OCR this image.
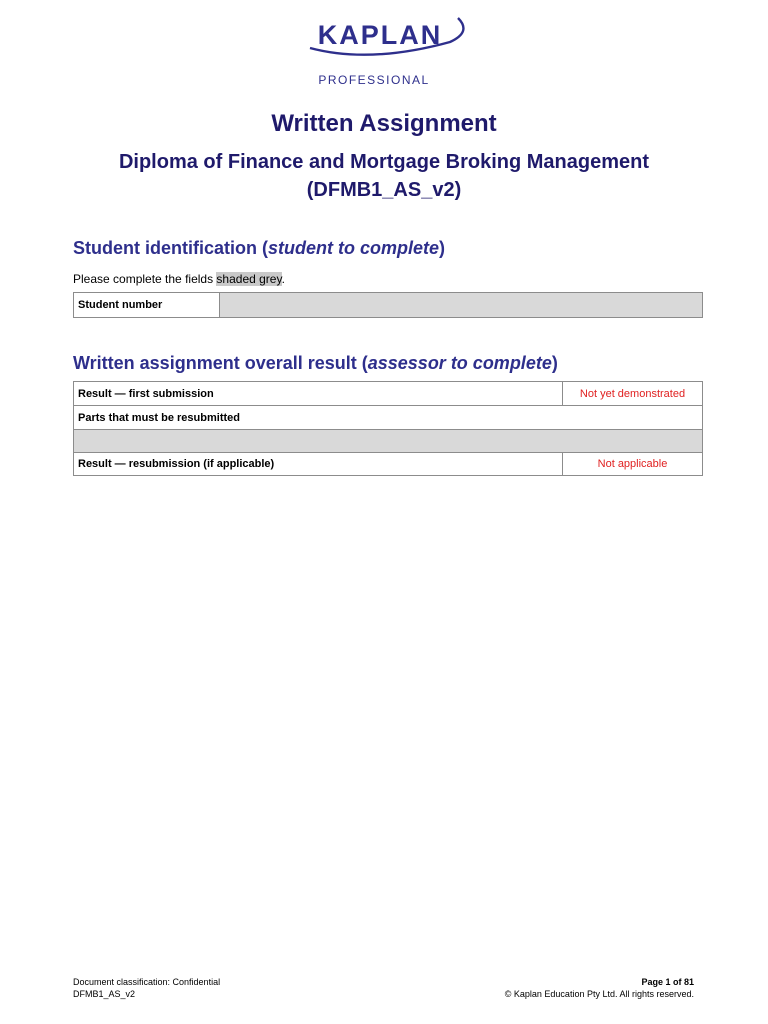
KAPLAN
PROFESSIONAL
Written Assignment
Diploma of Finance and Mortgage Broking Management
(DFMB1_AS_v2)
Student identification (student to complete)
Please complete the fields shaded grey.
Student number	
Written assignment overall result (assessor to complete)
Result — first submission	Not yet demonstrated
Parts that must be resubmitted	

Result — resubmission (if applicable)	Not applicable
Document classification: Confidential
DFMB1_AS_v2
Page 1 of 81
© Kaplan Education Pty Ltd. All rights reserved.
